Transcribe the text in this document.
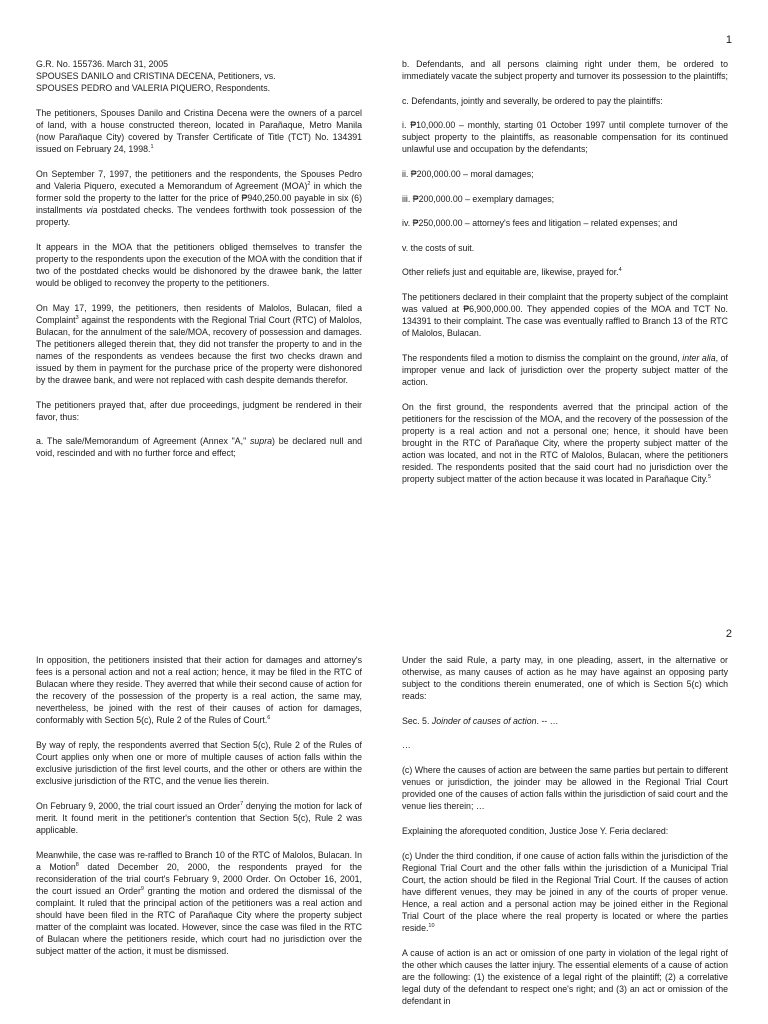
1

G.R. No. 155736. March 31, 2005
SPOUSES DANILO and CRISTINA DECENA, Petitioners, vs.
SPOUSES PEDRO and VALERIA PIQUERO, Respondents.

The petitioners, Spouses Danilo and Cristina Decena were the owners of a parcel of land, with a house constructed thereon, located in Parañaque, Metro Manila (now Parañaque City) covered by Transfer Certificate of Title (TCT) No. 134391 issued on February 24, 1998.$^1$

On September 7, 1997, the petitioners and the respondents, the Spouses Pedro and Valeria Piquero, executed a Memorandum of Agreement (MOA)$^2$ in which the former sold the property to the latter for the price of ₱940,250.00 payable in six (6) installments via postdated checks. The vendees forthwith took possession of the property.

It appears in the MOA that the petitioners obliged themselves to transfer the property to the respondents upon the execution of the MOA with the condition that if two of the postdated checks would be dishonored by the drawee bank, the latter would be obliged to reconvey the property to the petitioners.

On May 17, 1999, the petitioners, then residents of Malolos, Bulacan, filed a Complaint$^3$ against the respondents with the Regional Trial Court (RTC) of Malolos, Bulacan, for the annulment of the sale/MOA, recovery of possession and damages. The petitioners alleged therein that, they did not transfer the property to and in the names of the respondents as vendees because the first two checks drawn and issued by them in payment for the purchase price of the property were dishonored by the drawee bank, and were not replaced with cash despite demands therefor.

The petitioners prayed that, after due proceedings, judgment be rendered in their favor, thus:

a. The sale/Memorandum of Agreement (Annex "A," supra) be declared null and void, rescinded and with no further force and effect;

b. Defendants, and all persons claiming right under them, be ordered to immediately vacate the subject property and turnover its possession to the plaintiffs;

c. Defendants, jointly and severally, be ordered to pay the plaintiffs:

i. ₱10,000.00 – monthly, starting 01 October 1997 until complete turnover of the subject property to the plaintiffs, as reasonable compensation for its continued unlawful use and occupation by the defendants;

ii. ₱200,000.00 – moral damages;

iii. ₱200,000.00 – exemplary damages;

iv. ₱250,000.00 – attorney's fees and litigation – related expenses; and

v. the costs of suit.

Other reliefs just and equitable are, likewise, prayed for.$^4$

The petitioners declared in their complaint that the property subject of the complaint was valued at ₱6,900,000.00. They appended copies of the MOA and TCT No. 134391 to their complaint. The case was eventually raffled to Branch 13 of the RTC of Malolos, Bulacan.

The respondents filed a motion to dismiss the complaint on the ground, inter alia, of improper venue and lack of jurisdiction over the property subject matter of the action.

On the first ground, the respondents averred that the principal action of the petitioners for the rescission of the MOA, and the recovery of the possession of the property is a real action and not a personal one; hence, it should have been brought in the RTC of Parañaque City, where the property subject matter of the action was located, and not in the RTC of Malolos, Bulacan, where the petitioners resided. The respondents posited that the said court had no jurisdiction over the property subject matter of the action because it was located in Parañaque City.$^5$

2

In opposition, the petitioners insisted that their action for damages and attorney's fees is a personal action and not a real action; hence, it may be filed in the RTC of Bulacan where they reside. They averred that while their second cause of action for the recovery of the possession of the property is a real action, the same may, nevertheless, be joined with the rest of their causes of action for damages, conformably with Section 5(c), Rule 2 of the Rules of Court.$^6$

By way of reply, the respondents averred that Section 5(c), Rule 2 of the Rules of Court applies only when one or more of multiple causes of action falls within the exclusive jurisdiction of the first level courts, and the other or others are within the exclusive jurisdiction of the RTC, and the venue lies therein.

On February 9, 2000, the trial court issued an Order$^7$ denying the motion for lack of merit. It found merit in the petitioner's contention that Section 5(c), Rule 2 was applicable.

Meanwhile, the case was re-raffled to Branch 10 of the RTC of Malolos, Bulacan. In a Motion$^8$ dated December 20, 2000, the respondents prayed for the reconsideration of the trial court's February 9, 2000 Order. On October 16, 2001, the court issued an Order$^9$ granting the motion and ordered the dismissal of the complaint. It ruled that the principal action of the petitioners was a real action and should have been filed in the RTC of Parañaque City where the property subject matter of the complaint was located. However, since the case was filed in the RTC of Bulacan where the petitioners reside, which court had no jurisdiction over the subject matter of the action, it must be dismissed.

Under the said Rule, a party may, in one pleading, assert, in the alternative or otherwise, as many causes of action as he may have against an opposing party subject to the conditions therein enumerated, one of which is Section 5(c) which reads:

Sec. 5. Joinder of causes of action. -- …

…

(c) Where the causes of action are between the same parties but pertain to different venues or jurisdiction, the joinder may be allowed in the Regional Trial Court provided one of the causes of action falls within the jurisdiction of said court and the venue lies therein; …

Explaining the aforequoted condition, Justice Jose Y. Feria declared:

(c) Under the third condition, if one cause of action falls within the jurisdiction of the Regional Trial Court and the other falls within the jurisdiction of a Municipal Trial Court, the action should be filed in the Regional Trial Court. If the causes of action have different venues, they may be joined in any of the courts of proper venue. Hence, a real action and a personal action may be joined either in the Regional Trial Court of the place where the real property is located or where the parties reside.$^{10}$

A cause of action is an act or omission of one party in violation of the legal right of the other which causes the latter injury. The essential elements of a cause of action are the following: (1) the existence of a legal right of the plaintiff; (2) a correlative legal duty of the defendant to respect one's right; and (3) an act or omission of the defendant in
